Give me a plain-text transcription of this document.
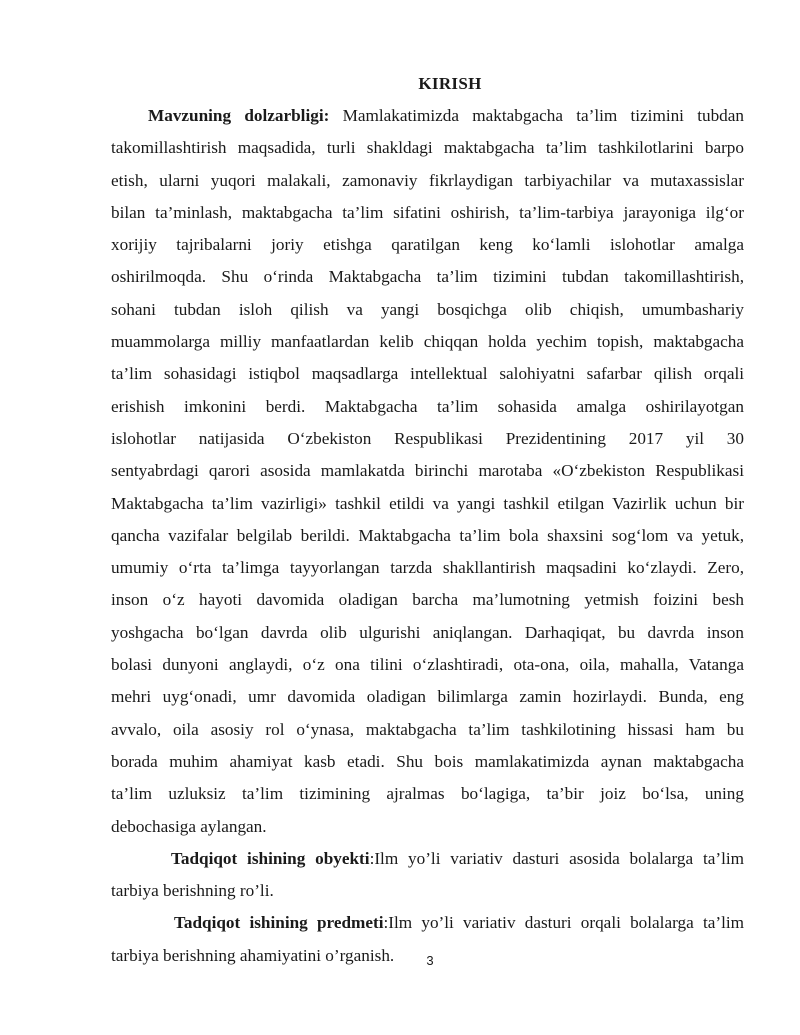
KIRISH
Mavzuning dolzarbligi: Mamlakatimizda maktabgacha ta’lim tizimini tubdan
takomillashtirish maqsadida, turli shakldagi maktabgacha ta’lim tashkilotlarini barpo
etish, ularni yuqori malakali, zamonaviy fikrlaydigan tarbiyachilar va mutaxassislar
bilan ta’minlash, maktabgacha ta’lim sifatini oshirish, ta’lim-tarbiya jarayoniga ilg‘or
xorijiy tajribalarni joriy etishga qaratilgan keng ko‘lamli islohotlar amalga
oshirilmoqda. Shu o‘rinda Maktabgacha ta’lim tizimini tubdan takomillashtirish,
sohani tubdan isloh qilish va yangi bosqichga olib chiqish, umumbashariy
muammolarga milliy manfaatlardan kelib chiqqan holda yechim topish, maktabgacha
ta’lim sohasidagi istiqbol maqsadlarga intellektual salohiyatni safarbar qilish orqali
erishish imkonini berdi. Maktabgacha ta’lim sohasida amalga oshirilayotgan
islohotlar natijasida O‘zbekiston Respublikasi Prezidentining 2017 yil 30
sentyabrdagi qarori asosida mamlakatda birinchi marotaba «O‘zbekiston Respublikasi
Maktabgacha ta’lim vazirligi» tashkil etildi va yangi tashkil etilgan Vazirlik uchun bir
qancha vazifalar belgilab berildi. Maktabgacha ta’lim bola shaxsini sog‘lom va yetuk,
umumiy o‘rta ta’limga tayyorlangan tarzda shakllantirish maqsadini ko‘zlaydi. Zero,
inson o‘z hayoti davomida oladigan barcha ma’lumotning yetmish foizini besh
yoshgacha bo‘lgan davrda olib ulgurishi aniqlangan. Darhaqiqat, bu davrda inson
bolasi dunyoni anglaydi, o‘z ona tilini o‘zlashtiradi, ota-ona, oila, mahalla, Vatanga
mehri uyg‘onadi, umr davomida oladigan bilimlarga zamin hozirlaydi. Bunda, eng
avvalo, oila asosiy rol o‘ynasa, maktabgacha ta’lim tashkilotining hissasi ham bu
borada muhim ahamiyat kasb etadi. Shu bois mamlakatimizda aynan maktabgacha
ta’lim uzluksiz ta’lim tizimining ajralmas bo‘lagiga, ta’bir joiz bo‘lsa, uning
debochasiga aylangan.
Tadqiqot ishining obyekti:Ilm yo’li variativ dasturi asosida bolalarga ta’lim
tarbiya berishning ro’li.
Tadqiqot ishining predmeti:Ilm yo’li variativ dasturi orqali bolalarga ta’lim
tarbiya berishning ahamiyatini o’rganish.	3
